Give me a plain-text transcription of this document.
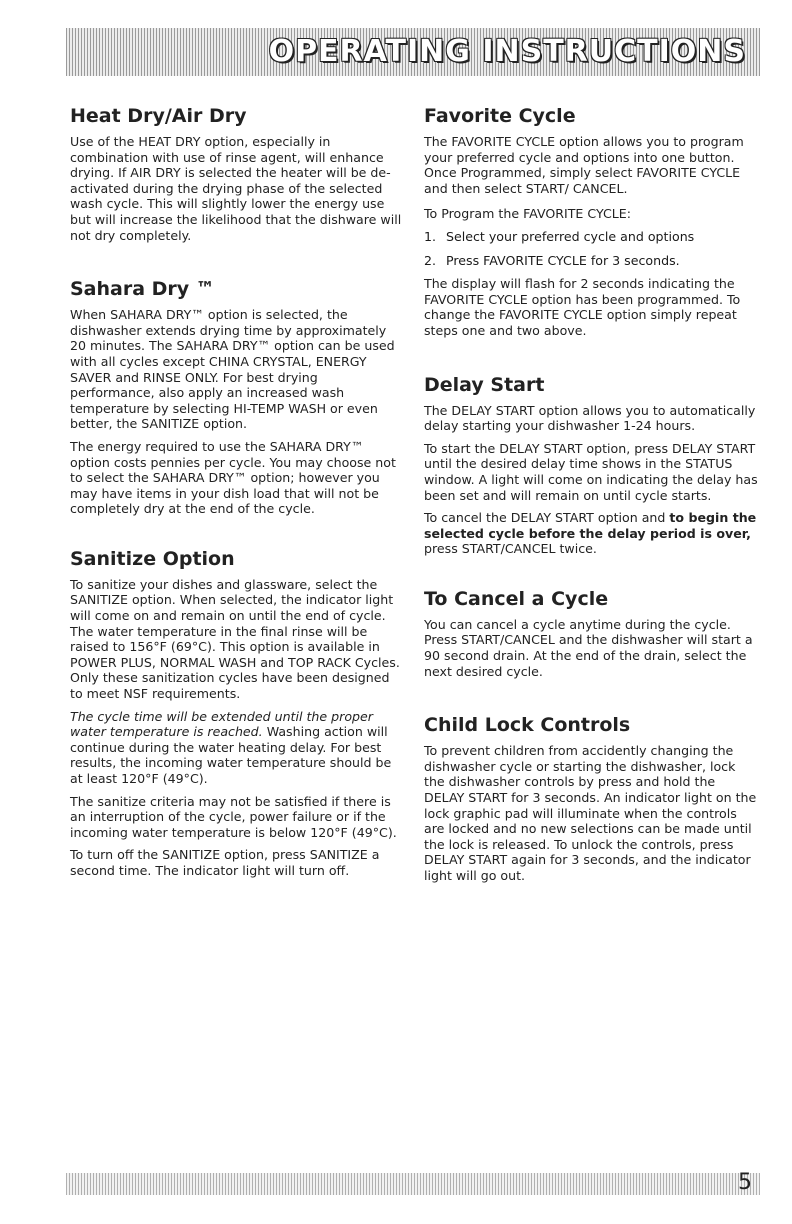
OPERATING INSTRUCTIONS
Heat Dry/Air Dry

Use of the HEAT DRY option, especially in combination with use of rinse agent, will enhance drying. If AIR DRY is selected the heater will be de-activated during the drying phase of the selected wash cycle. This will slightly lower the energy use but will increase the likelihood that the dishware will not dry completely.

Sahara Dry ™

When SAHARA DRY™ option is selected, the dishwasher extends drying time by approximately 20 minutes. The SAHARA DRY™ option can be used with all cycles except CHINA CRYSTAL, ENERGY SAVER and RINSE ONLY. For best drying performance, also apply an increased wash temperature by selecting HI-TEMP WASH or even better, the SANITIZE option.

The energy required to use the SAHARA DRY™ option costs pennies per cycle. You may choose not to select the SAHARA DRY™ option; however you may have items in your dish load that will not be completely dry at the end of the cycle.

Sanitize Option

To sanitize your dishes and glassware, select the SANITIZE option. When selected, the indicator light will come on and remain on until the end of cycle. The water temperature in the final rinse will be raised to 156°F (69°C). This option is available in POWER PLUS, NORMAL WASH and TOP RACK Cycles. Only these sanitization cycles have been designed to meet NSF requirements.

The cycle time will be extended until the proper water temperature is reached. Washing action will continue during the water heating delay. For best results, the incoming water temperature should be at least 120°F (49°C).

The sanitize criteria may not be satisfied if there is an interruption of the cycle, power failure or if the incoming water temperature is below 120°F (49°C).

To turn off the SANITIZE option, press SANITIZE a second time. The indicator light will turn off.

Favorite Cycle

The FAVORITE CYCLE option allows you to program your preferred cycle and options into one button. Once Programmed, simply select FAVORITE CYCLE and then select START/ CANCEL.

To Program the FAVORITE CYCLE:

1. Select your preferred cycle and options
2. Press FAVORITE CYCLE for 3 seconds.

The display will flash for 2 seconds indicating the FAVORITE CYCLE option has been programmed. To change the FAVORITE CYCLE option simply repeat steps one and two above.

Delay Start

The DELAY START option allows you to automatically delay starting your dishwasher 1-24 hours.

To start the DELAY START option, press DELAY START until the desired delay time shows in the STATUS window. A light will come on indicating the delay has been set and will remain on until cycle starts.

To cancel the DELAY START option and to begin the selected cycle before the delay period is over, press START/CANCEL twice.

To Cancel a Cycle

You can cancel a cycle anytime during the cycle. Press START/CANCEL and the dishwasher will start a 90 second drain. At the end of the drain, select the next desired cycle.

Child Lock Controls

To prevent children from accidently changing the dishwasher cycle or starting the dishwasher, lock the dishwasher controls by press and hold the DELAY START for 3 seconds. An indicator light on the lock graphic pad will illuminate when the controls are locked and no new selections can be made until the lock is released. To unlock the controls, press DELAY START again for 3 seconds, and the indicator light will go out.

5
